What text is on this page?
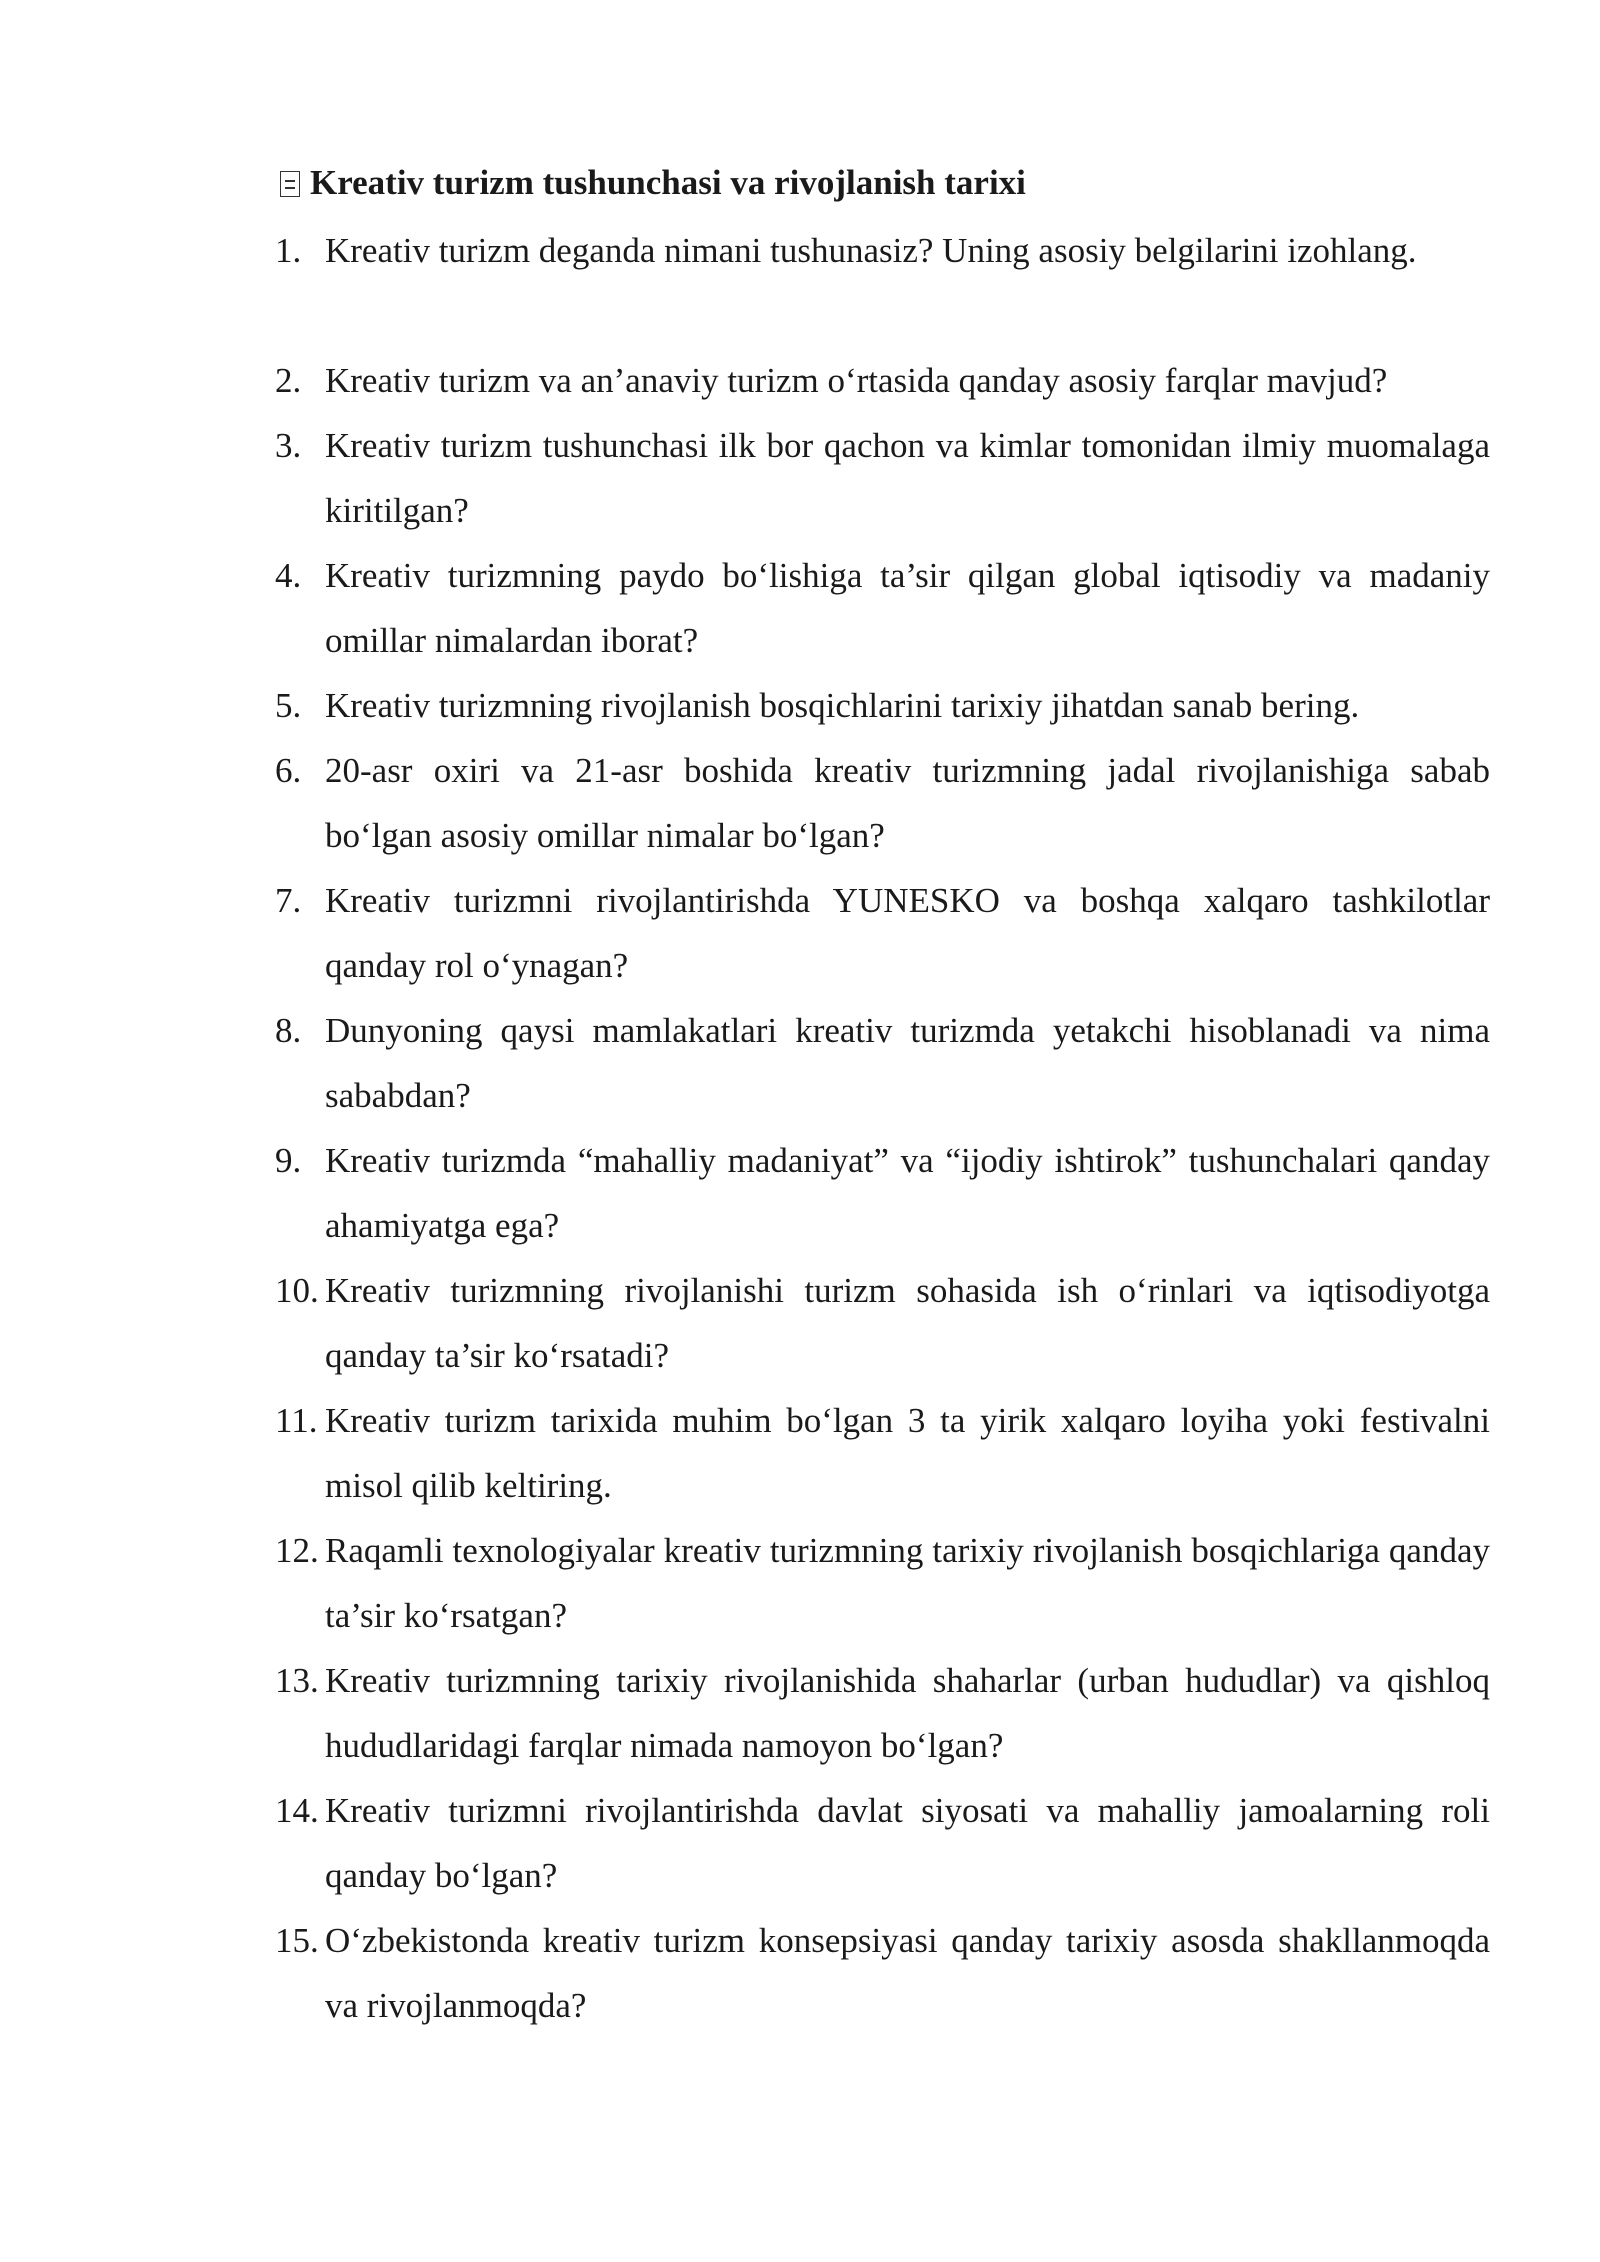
Kreativ turizm tushunchasi va rivojlanish tarixi
1. Kreativ turizm deganda nimani tushunasiz? Uning asosiy belgilarini izohlang.
2. Kreativ turizm va an’anaviy turizm o‘rtasida qanday asosiy farqlar mavjud?
3. Kreativ turizm tushunchasi ilk bor qachon va kimlar tomonidan ilmiy muomalaga kiritilgan?
4. Kreativ turizmning paydo bo‘lishiga ta’sir qilgan global iqtisodiy va madaniy omillar nimalardan iborat?
5. Kreativ turizmning rivojlanish bosqichlarini tarixiy jihatdan sanab bering.
6. 20-asr oxiri va 21-asr boshida kreativ turizmning jadal rivojlanishiga sabab bo‘lgan asosiy omillar nimalar bo‘lgan?
7. Kreativ turizmni rivojlantirishda YUNESKO va boshqa xalqaro tashkilotlar qanday rol o‘ynagan?
8. Dunyoning qaysi mamlakatlari kreativ turizmda yetakchi hisoblanadi va nima sababdan?
9. Kreativ turizmda “mahalliy madaniyat” va “ijodiy ishtirok” tushunchalari qanday ahamiyatga ega?
10. Kreativ turizmning rivojlanishi turizm sohasida ish o‘rinlari va iqtisodiyotga qanday ta’sir ko‘rsatadi?
11. Kreativ turizm tarixida muhim bo‘lgan 3 ta yirik xalqaro loyiha yoki festivalni misol qilib keltiring.
12. Raqamli texnologiyalar kreativ turizmning tarixiy rivojlanish bosqichlariga qanday ta’sir ko‘rsatgan?
13. Kreativ turizmning tarixiy rivojlanishida shaharlar (urban hududlar) va qishloq hududlaridagi farqlar nimada namoyon bo‘lgan?
14. Kreativ turizmni rivojlantirishda davlat siyosati va mahalliy jamoalarning roli qanday bo‘lgan?
15. O‘zbekistonda kreativ turizm konsepsiyasi qanday tarixiy asosda shakllanmoqda va rivojlanmoqda?
